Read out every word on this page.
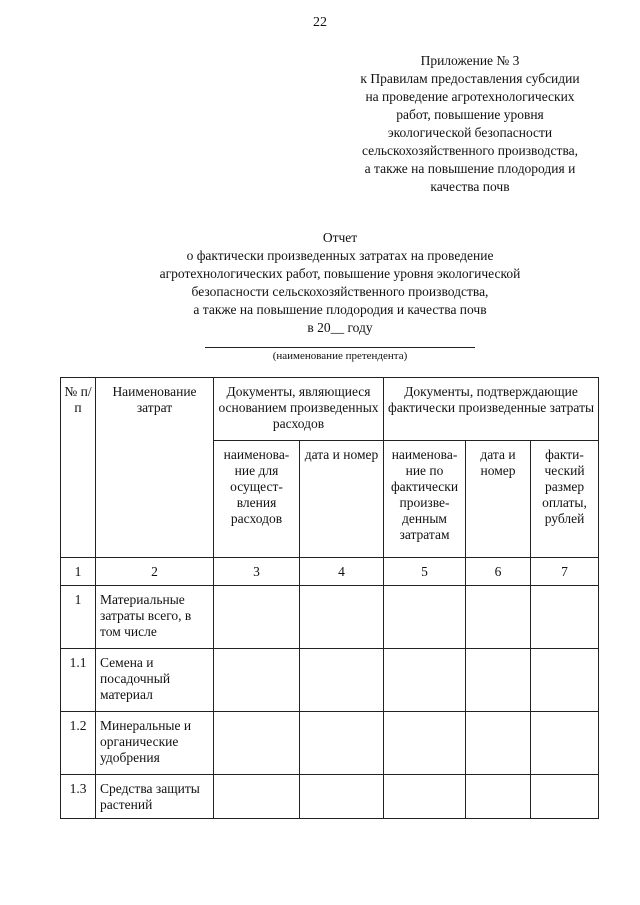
22
Приложение № 3
к Правилам предоставления субсидии
на проведение агротехнологических
работ, повышение уровня
экологической безопасности
сельскохозяйственного производства,
а также на повышение плодородия и
качества почв
Отчет
о фактически произведенных затратах на проведение
агротехнологических работ, повышение уровня экологической
безопасности сельскохозяйственного производства,
а также на повышение плодородия и качества почв
в 20__ году
(наименование претендента)
№ п/п	Наименование затрат	Документы, являющиеся основанием произведенных расходов		Документы, подтверждающие фактически произведенные затраты		
		наименова-ние для осущест-вления расходов	дата и номер	наименова-ние по фактически произве-денным затратам	дата и номер	факти-ческий размер оплаты, рублей
1	2	3	4	5	6	7
1	Материальные затраты всего, в том числе					
1.1	Семена и посадочный материал					
1.2	Минеральные и органические удобрения					
1.3	Средства защиты растений					
